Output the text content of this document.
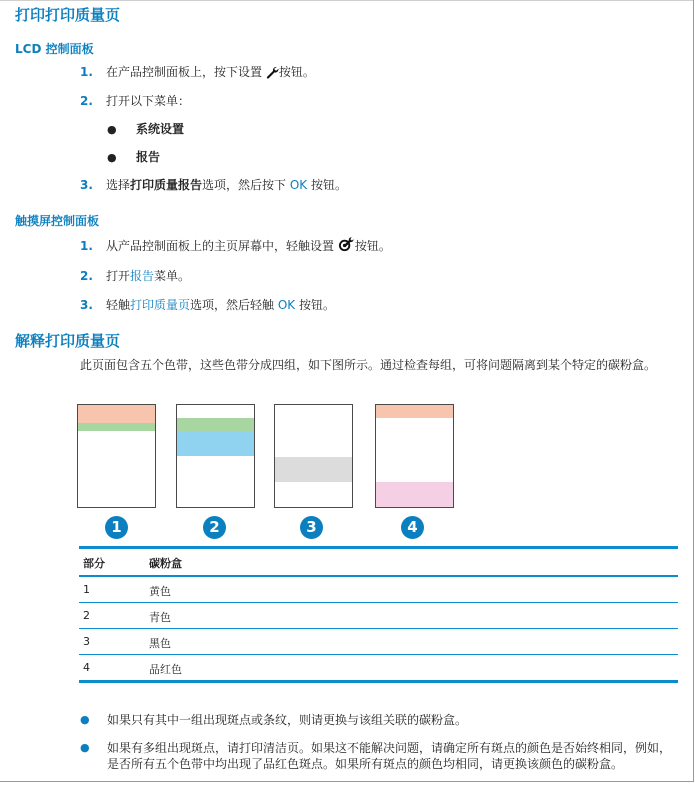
打印打印质量页
LCD 控制面板
1. 在产品控制面板上，按下设置 按钮。
2. 打开以下菜单：
● 系统设置
● 报告
3. 选择打印质量报告选项，然后按下 OK 按钮。
触摸屏控制面板
1. 从产品控制面板上的主页屏幕中，轻触设置 按钮。
2. 打开报告菜单。
3. 轻触打印质量页选项，然后轻触 OK 按钮。
解释打印质量页
此页面包含五个色带，这些色带分成四组，如下图所示。通过检查每组，可将问题隔离到某个特定的碳粉盒。
1	2	3	4
部分	碳粉盒
1	黄色
2	青色
3	黑色
4	品红色
● 如果只有其中一组出现斑点或条纹，则请更换与该组关联的碳粉盒。
● 如果有多组出现斑点，请打印清洁页。如果这不能解决问题，请确定所有斑点的颜色是否始终相同，例如，是否所有五个色带中均出现了品红色斑点。如果所有斑点的颜色均相同，请更换该颜色的碳粉盒。
